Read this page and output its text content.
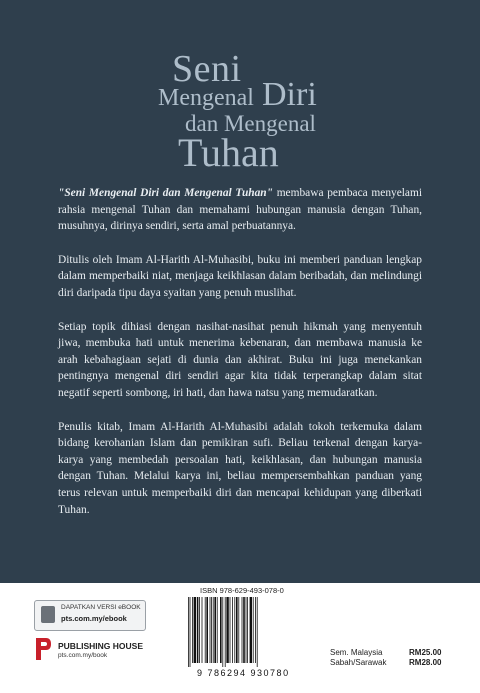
Seni
Mengenal Diri
dan Mengenal
Tuhan

"Seni Mengenal Diri dan Mengenal Tuhan" membawa pembaca menyelami rahsia mengenal Tuhan dan memahami hubungan manusia dengan Tuhan, musuhnya, dirinya sendiri, serta amal perbuatannya.

Ditulis oleh Imam Al-Harith Al-Muhasibi, buku ini memberi panduan lengkap dalam memperbaiki niat, menjaga keikhlasan dalam beribadah, dan melindungi diri daripada tipu daya syaitan yang penuh muslihat.

Setiap topik dihiasi dengan nasihat-nasihat penuh hikmah yang menyentuh jiwa, membuka hati untuk menerima kebenaran, dan membawa manusia ke arah kebahagiaan sejati di dunia dan akhirat. Buku ini juga menekankan pentingnya mengenal diri sendiri agar kita tidak terperangkap dalam sitat negatif seperti sombong, iri hati, dan hawa natsu yang memudaratkan.

Penulis kitab, Imam Al-Harith Al-Muhasibi adalah tokoh terkemuka dalam bidang kerohanian Islam dan pemikiran sufi. Beliau terkenal dengan karya-karya yang membedah persoalan hati, keikhlasan, dan hubungan manusia dengan Tuhan. Melalui karya ini, beliau mempersembahkan panduan yang terus relevan untuk memperbaiki diri dan mencapai kehidupan yang diberkati Tuhan.

DAPATKAN VERSI eBOOK
pts.com.my/ebook
PUBLISHING HOUSE
pts.com.my/book
ISBN 978-629-493-078-0
9 786294 930780
Sem. Malaysia	RM25.00
Sabah/Sarawak	RM28.00
